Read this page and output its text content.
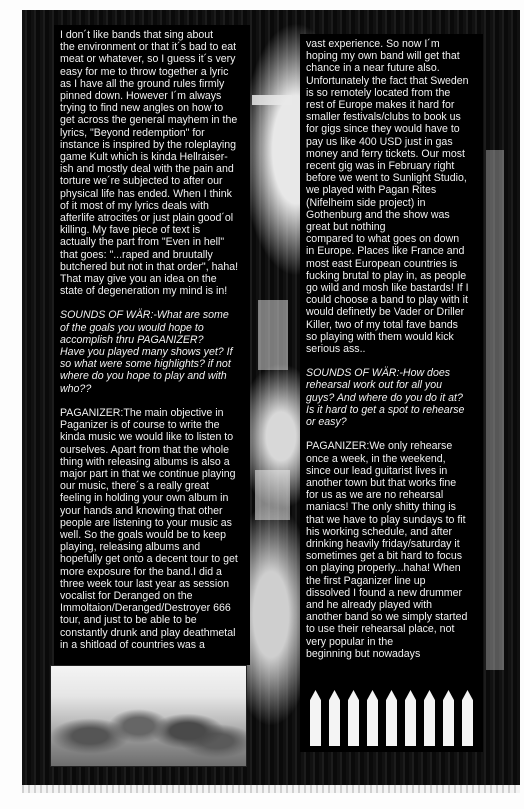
I don´t like bands that sing about
the environment or that it´s bad to eat
meat or whatever, so I guess it´s very
easy for me to throw together a lyric
as I have all the ground rules firmly
pinned down. However I´m always
trying to find new angles on how to
get across the general mayhem in the
lyrics, "Beyond redemption" for
instance is inspired by the roleplaying
game Kult which is kinda Hellraiser-
ish and mostly deal with the pain and
torture we´re subjected to after our
physical life has ended. When I think
of it most of my lyrics deals with
afterlife atrocites or just plain good´ol
killing. My fave piece of text is
actually the part from "Even in hell"
that goes: "...raped and bruutally
butchered but not in that order", haha!
That may give you an idea on the
state of degeneration my mind is in!

SOUNDS OF WÄR:-What are some
of the goals you would hope to
accomplish thru PAGANIZER?
Have you played many shows yet? If
so what were some highlights? if not
where do you hope to play and with
who??

PAGANIZER:The main objective in
Paganizer is of course to write the
kinda music we would like to listen to
ourselves. Apart from that the whole
thing with releasing albums is also a
major part in that we continue playing
our music, there´s a really great
feeling in holding your own album in
your hands and knowing that other
people are listening to your music as
well. So the goals would be to keep
playing, releasing albums and
hopefully get onto a decent tour to get
more exposure for the band.I did a
three week tour last year as session
vocalist for Deranged on the
Immoltaion/Deranged/Destroyer 666
tour, and just to be able to be
constantly drunk and play deathmetal
in a shitload of countries was a

vast experience. So now I´m
hoping my own band will get that
chance in a near future also.
Unfortunately the fact that Sweden
is so remotely located from the
rest of Europe makes it hard for
smaller festivals/clubs to book us
for gigs since they would have to
pay us like 400 USD just in gas
money and ferry tickets. Our most
recent gig was in February right
before we went to Sunlight Studio,
we played with Pagan Rites
(Nifelheim side project) in
Gothenburg and the show was
great but nothing
compared to what goes on down
in Europe. Places like France and
most east European countries is
fucking brutal to play in, as people
go wild and mosh like bastards! If I
could choose a band to play with it
would definetly be Vader or Driller
Killer, two of my total fave bands
so playing with them would kick
serious ass..

SOUNDS OF WÄR:-How does
rehearsal work out for all you
guys? And where do you do it at?
Is it hard to get a spot to rehearse
or easy?

PAGANIZER:We only rehearse
once a week, in the weekend,
since our lead guitarist lives in
another town but that works fine
for us as we are no rehearsal
maniacs! The only shitty thing is
that we have to play sundays to fit
his working schedule, and after
drinking heavily friday/saturday it
sometimes get a bit hard to focus
on playing properly...haha! When
the first Paganizer line up
dissolved I found a new drummer
and he already played with
another band so we simply started
to use their rehearsal place, not
very popular in the
beginning but nowadays
